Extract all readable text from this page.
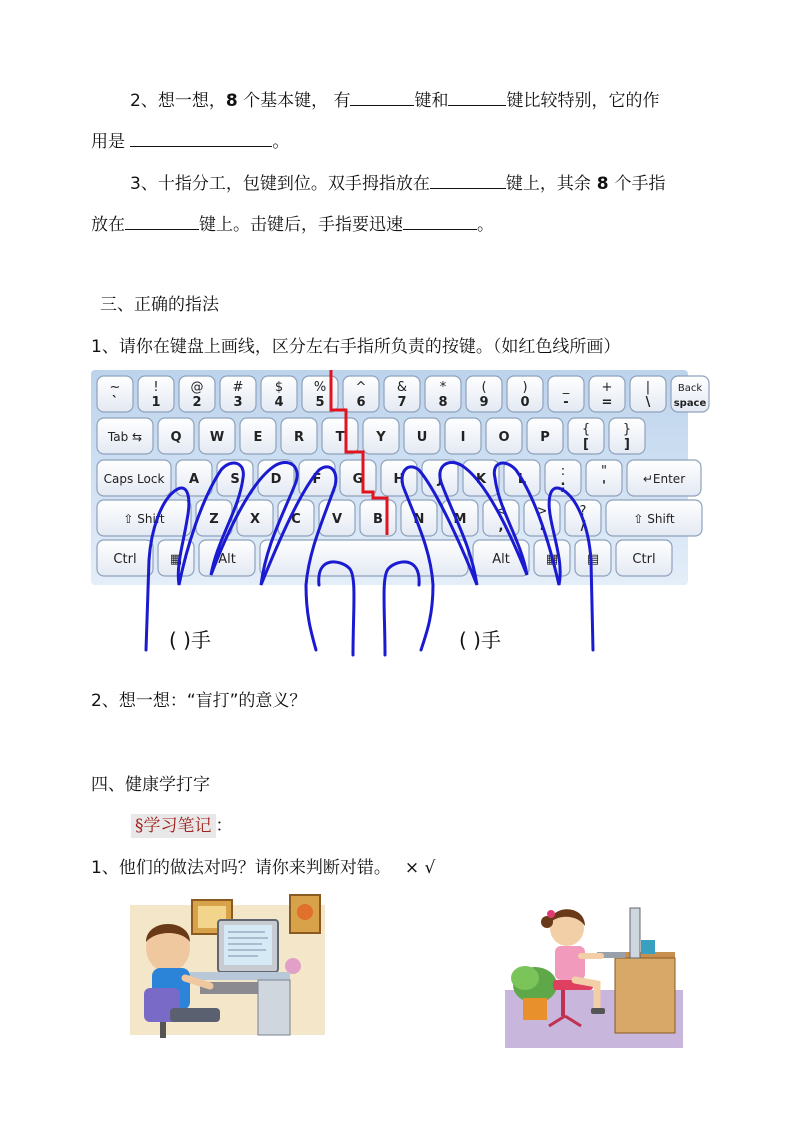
2、想一想，8 个基本键， 有	键和	键比较特别，它的作
用是	。
3、十指分工，包键到位。双手拇指放在	键上，其余 8 个手指
放在	键上。击键后，手指要迅速	。
三、正确的指法
1、请你在键盘上画线，区分左右手指所负责的按键。（如红色线所画）
~
`
!
1
@
2
#
3
$
4
%
5
^
6
&
7
*
8
(
9
)
0
_
-
+
=
|
\
Back
space
Tab ⇆ Q W E R T Y U	I	O P
{
[
}
]
Caps Lock A S D F G H	J	K L
:
;
"
'	↵Enter
⇧ Shift	Z X C V B N M
<
,
>
.
?
/	⇧ Shift
Ctrl	▦	Alt	Alt	▦ ▤	Ctrl
( )手	( )手
2、想一想：“盲打”的意义？
四、健康学打字
§学习笔记 ：
1、他们的做法对吗？请你来判断对错。 × √
